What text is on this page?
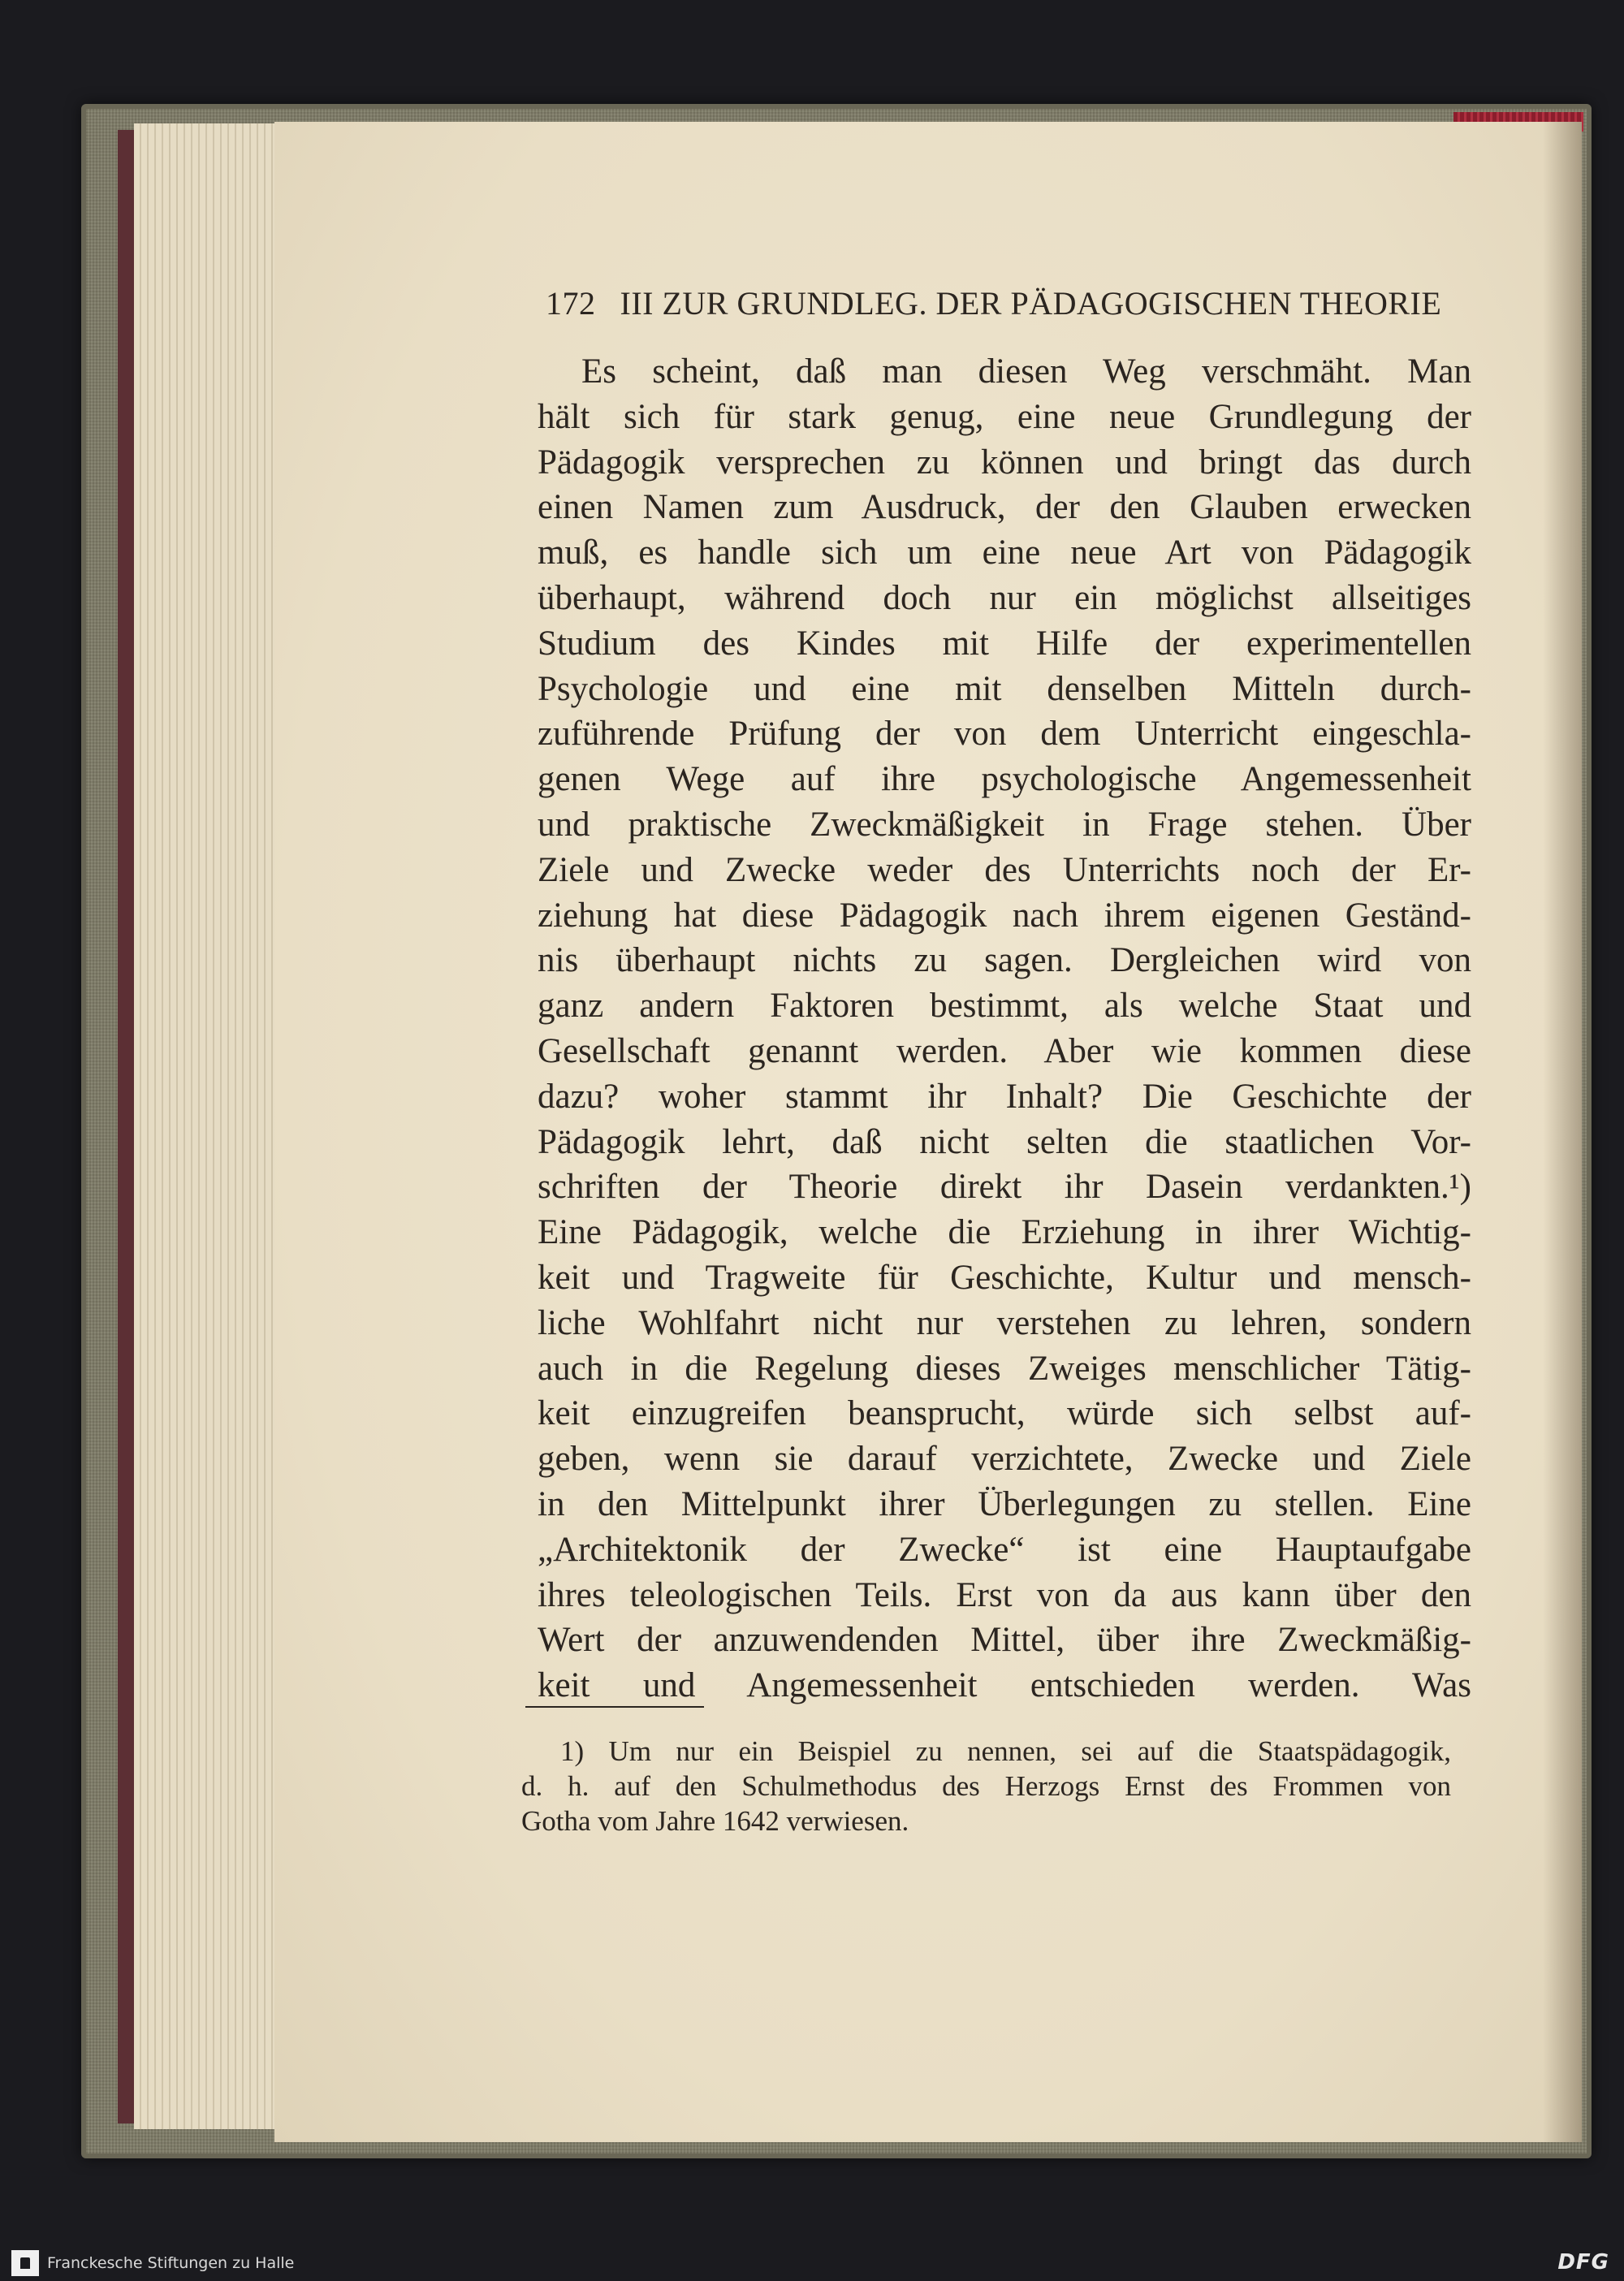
172 III ZUR GRUNDLEG. DER PÄDAGOGISCHEN THEORIE
Es scheint, daß man diesen Weg verschmäht. Man
hält sich für stark genug, eine neue Grundlegung der
Pädagogik versprechen zu können und bringt das durch
einen Namen zum Ausdruck, der den Glauben erwecken
muß, es handle sich um eine neue Art von Pädagogik
überhaupt, während doch nur ein möglichst allseitiges
Studium des Kindes mit Hilfe der experimentellen
Psychologie und eine mit denselben Mitteln durch-
zuführende Prüfung der von dem Unterricht eingeschla-
genen Wege auf ihre psychologische Angemessenheit
und praktische Zweckmäßigkeit in Frage stehen. Über
Ziele und Zwecke weder des Unterrichts noch der Er-
ziehung hat diese Pädagogik nach ihrem eigenen Geständ-
nis überhaupt nichts zu sagen. Dergleichen wird von
ganz andern Faktoren bestimmt, als welche Staat und
Gesellschaft genannt werden. Aber wie kommen diese
dazu? woher stammt ihr Inhalt? Die Geschichte der
Pädagogik lehrt, daß nicht selten die staatlichen Vor-
schriften der Theorie direkt ihr Dasein verdankten.¹)
Eine Pädagogik, welche die Erziehung in ihrer Wichtig-
keit und Tragweite für Geschichte, Kultur und mensch-
liche Wohlfahrt nicht nur verstehen zu lehren, sondern
auch in die Regelung dieses Zweiges menschlicher Tätig-
keit einzugreifen beansprucht, würde sich selbst auf-
geben, wenn sie darauf verzichtete, Zwecke und Ziele
in den Mittelpunkt ihrer Überlegungen zu stellen. Eine
„Architektonik der Zwecke“ ist eine Hauptaufgabe
ihres teleologischen Teils. Erst von da aus kann über den
Wert der anzuwendenden Mittel, über ihre Zweckmäßig-
keit und Angemessenheit entschieden werden. Was
1) Um nur ein Beispiel zu nennen, sei auf die Staatspädagogik,
d. h. auf den Schulmethodus des Herzogs Ernst des Frommen von
Gotha vom Jahre 1642 verwiesen.
Franckesche Stiftungen zu Halle	DFG
